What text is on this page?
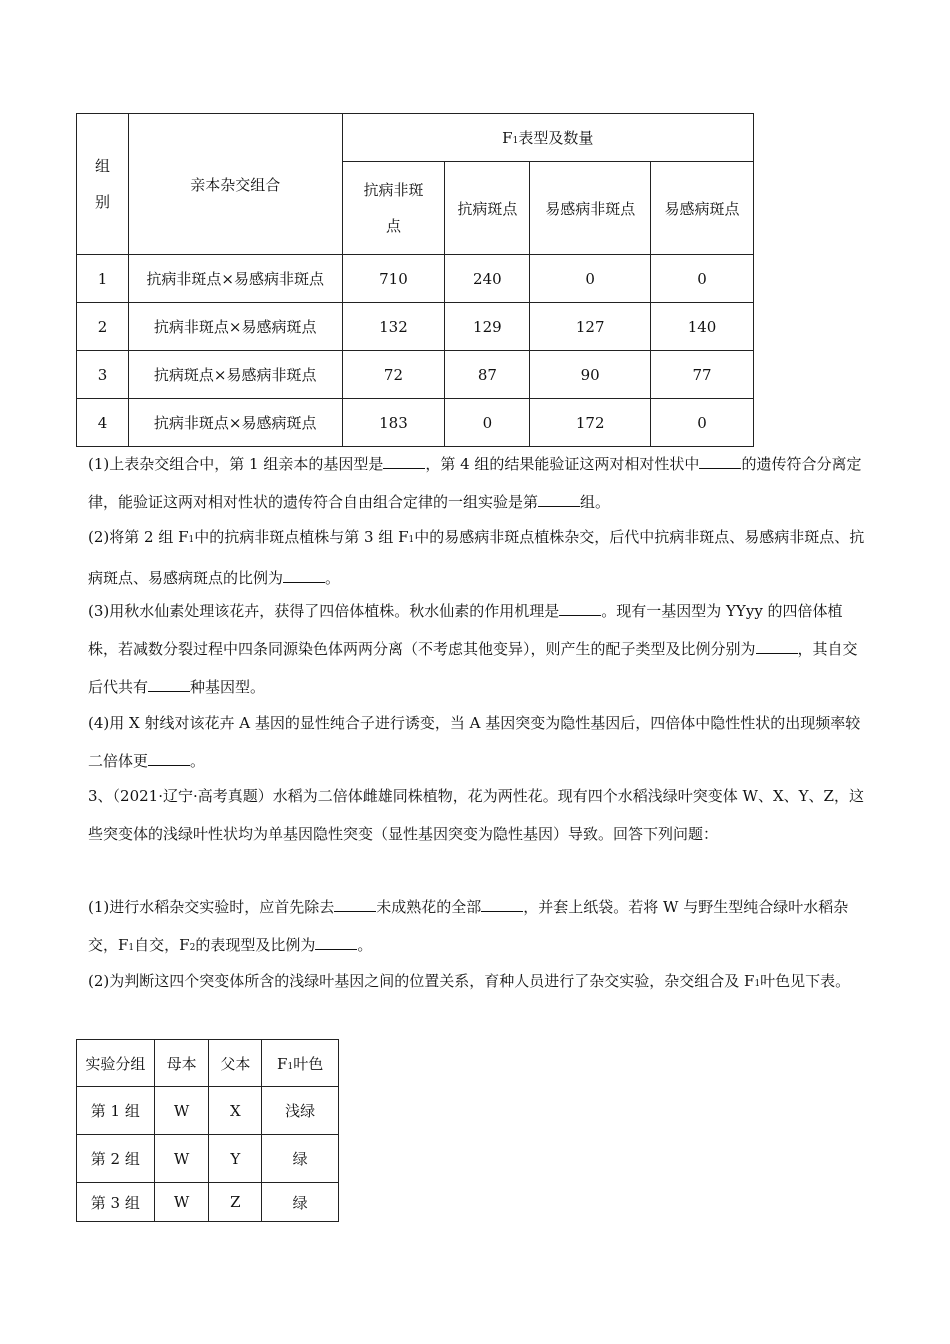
组别	亲本杂交组合	F1表型及数量			
		抗病非斑点	抗病斑点	易感病非斑点	易感病斑点
1	抗病非斑点×易感病非斑点	710	240	0	0
2	抗病非斑点×易感病斑点	132	129	127	140
3	抗病斑点×易感病非斑点	72	87	90	77
4	抗病非斑点×易感病斑点	183	0	172	0

(1)上表杂交组合中，第 1 组亲本的基因型是	，第 4 组的结果能验证这两对相对性状中	的遗传符合分离定律，能验证这两对相对性状的遗传符合自由组合定律的一组实验是第	组。

(2)将第 2 组 F1中的抗病非斑点植株与第 3 组 F1中的易感病非斑点植株杂交，后代中抗病非斑点、易感病非斑点、抗病斑点、易感病斑点的比例为	。

(3)用秋水仙素处理该花卉，获得了四倍体植株。秋水仙素的作用机理是	。现有一基因型为 YYyy 的四倍体植株，若减数分裂过程中四条同源染色体两两分离（不考虑其他变异），则产生的配子类型及比例分别为	，其自交后代共有	种基因型。

(4)用 X 射线对该花卉 A 基因的显性纯合子进行诱变，当 A 基因突变为隐性基因后，四倍体中隐性性状的出现频率较二倍体更	。

3、（2021·辽宁·高考真题）水稻为二倍体雌雄同株植物，花为两性花。现有四个水稻浅绿叶突变体 W、X、Y、Z，这些突变体的浅绿叶性状均为单基因隐性突变（显性基因突变为隐性基因）导致。回答下列问题：

(1)进行水稻杂交实验时，应首先除去	未成熟花的全部	，并套上纸袋。若将 W 与野生型纯合绿叶水稻杂交，F1自交，F2的表现型及比例为	。

(2)为判断这四个突变体所含的浅绿叶基因之间的位置关系，育种人员进行了杂交实验，杂交组合及 F1叶色见下表。

实验分组	母本	父本	F1叶色
第 1 组	W	X	浅绿
第 2 组	W	Y	绿
第 3 组	W	Z	绿
